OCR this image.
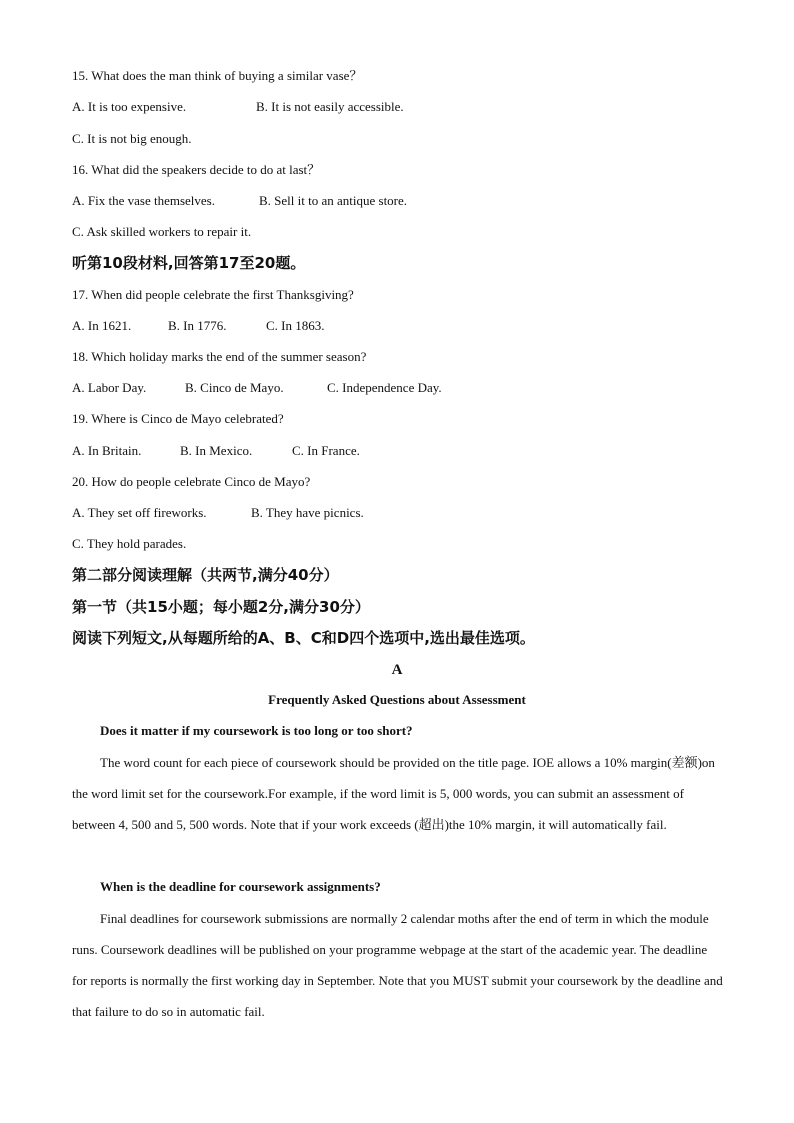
15. What does the man think of buying a similar vase？
A. It is too expensive.	B. It is not easily accessible.
C. It is not big enough.
16. What did the speakers decide to do at last？
A. Fix the vase themselves.	B. Sell it to an antique store.
C. Ask skilled workers to repair it.
听第10段材料,回答第17至20题。
17. When did people celebrate the first Thanksgiving?
A. In 1621.	B. In 1776.	C. In 1863.
18. Which holiday marks the end of the summer season?
A. Labor Day.	B. Cinco de Mayo.	C. Independence Day.
19. Where is Cinco de Mayo celebrated?
A. In Britain.	B. In Mexico.	C. In France.
20. How do people celebrate Cinco de Mayo?
A. They set off fireworks.	B. They have picnics.
C. They hold parades.
第二部分阅读理解（共两节,满分40分）
第一节（共15小题；每小题2分,满分30分）
阅读下列短文,从每题所给的A、B、C和D四个选项中,选出最佳选项。
A
Frequently Asked Questions about Assessment
Does it matter if my coursework is too long or too short?
The word count for each piece of coursework should be provided on the title page. IOE allows a 10% margin(差额)on the word limit set for the coursework.For example, if the word limit is 5, 000 words, you can submit an assessment of between 4, 500 and 5, 500 words. Note that if your work exceeds (超出)the 10% margin, it will automatically fail.
When is the deadline for coursework assignments?
Final deadlines for coursework submissions are normally 2 calendar moths after the end of term in which the module runs. Coursework deadlines will be published on your programme webpage at the start of the academic year. The deadline for reports is normally the first working day in September. Note that you MUST submit your coursework by the deadline and that failure to do so in automatic fail.
